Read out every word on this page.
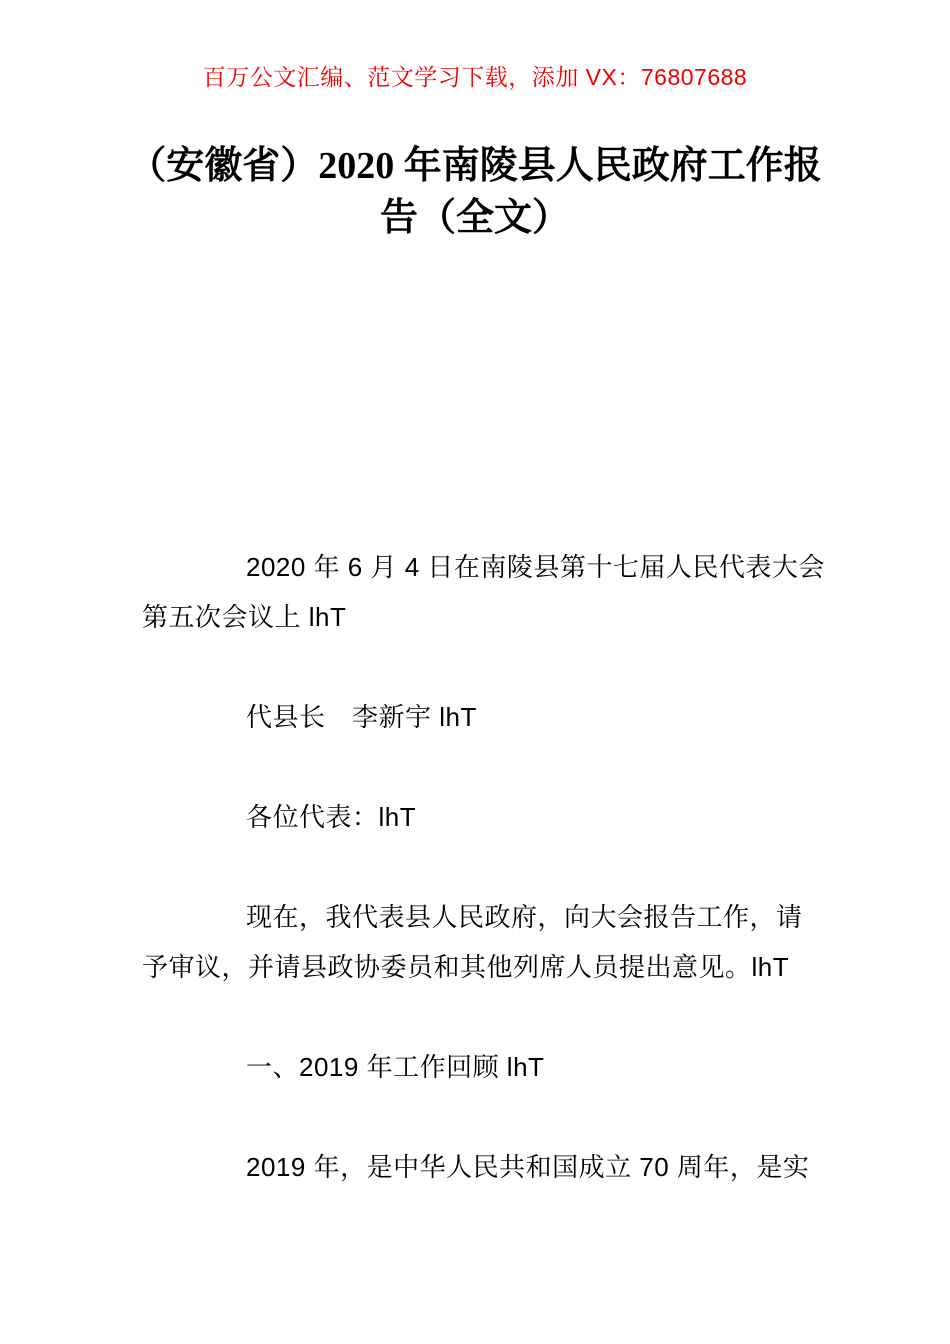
百万公文汇编、范文学习下载，添加 VX：76807688
（安徽省）2020 年南陵县人民政府工作报
告（全文）

2020 年 6 月 4 日在南陵县第十七届人民代表大会
第五次会议上 lhT

代县长　李新宇 lhT

各位代表：lhT

现在，我代表县人民政府，向大会报告工作，请
予审议，并请县政协委员和其他列席人员提出意见。lhT

一、2019 年工作回顾 lhT

2019 年，是中华人民共和国成立 70 周年，是实
